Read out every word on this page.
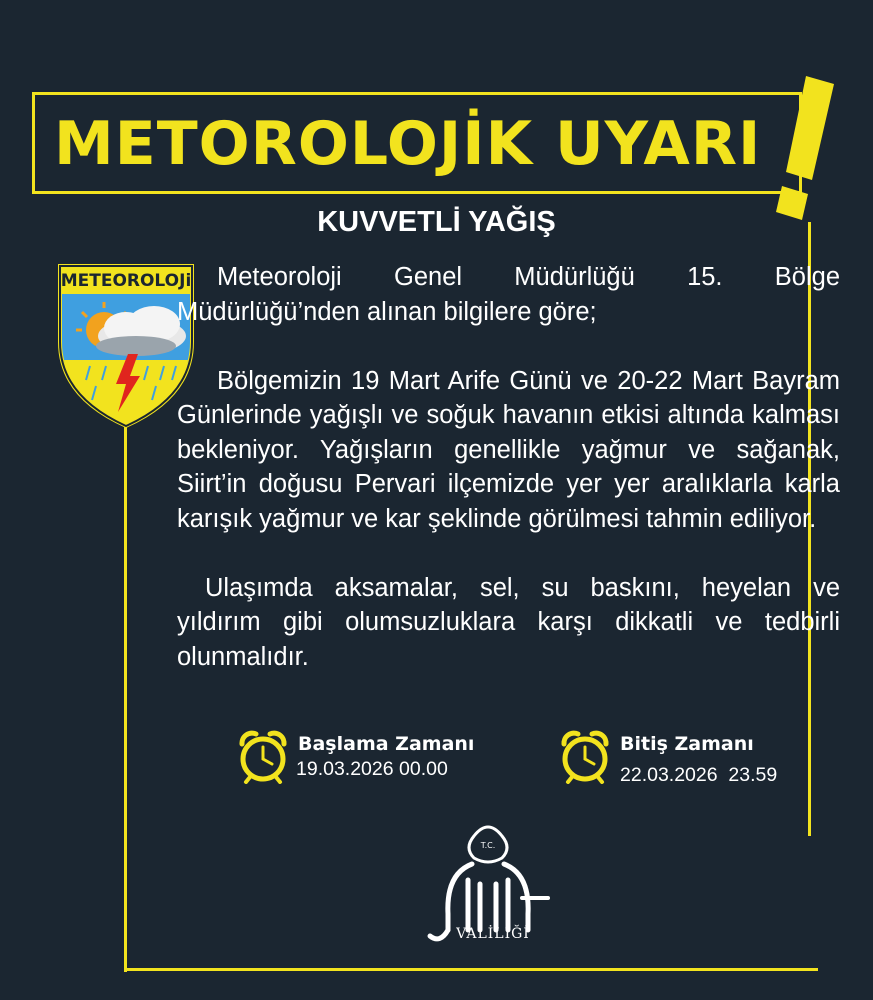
METOROLOJİK UYARI
KUVVETLİ YAĞIŞ
METEOROLOJi	Meteoroloji Genel Müdürlüğü 15. Bölge Müdürlüğü’nden alınan bilgilere göre;

Bölgemizin 19 Mart Arife Günü ve 20-22 Mart Bayram Günlerinde yağışlı ve soğuk havanın etkisi altında kalması bekleniyor. Yağışların genellikle yağmur ve sağanak, Siirt’in doğusu Pervari ilçemizde yer yer aralıklarla karla karışık yağmur ve kar şeklinde görülmesi tahmin ediliyor.

Ulaşımda aksamalar, sel, su baskını, heyelan ve yıldırım gibi olumsuzluklara karşı dikkatli ve tedbirli olunmalıdır.

Başlama Zamanı
19.03.2026 00.00
Bitiş Zamanı
22.03.2026  23.59
T.C.
VALİLİĞİ
